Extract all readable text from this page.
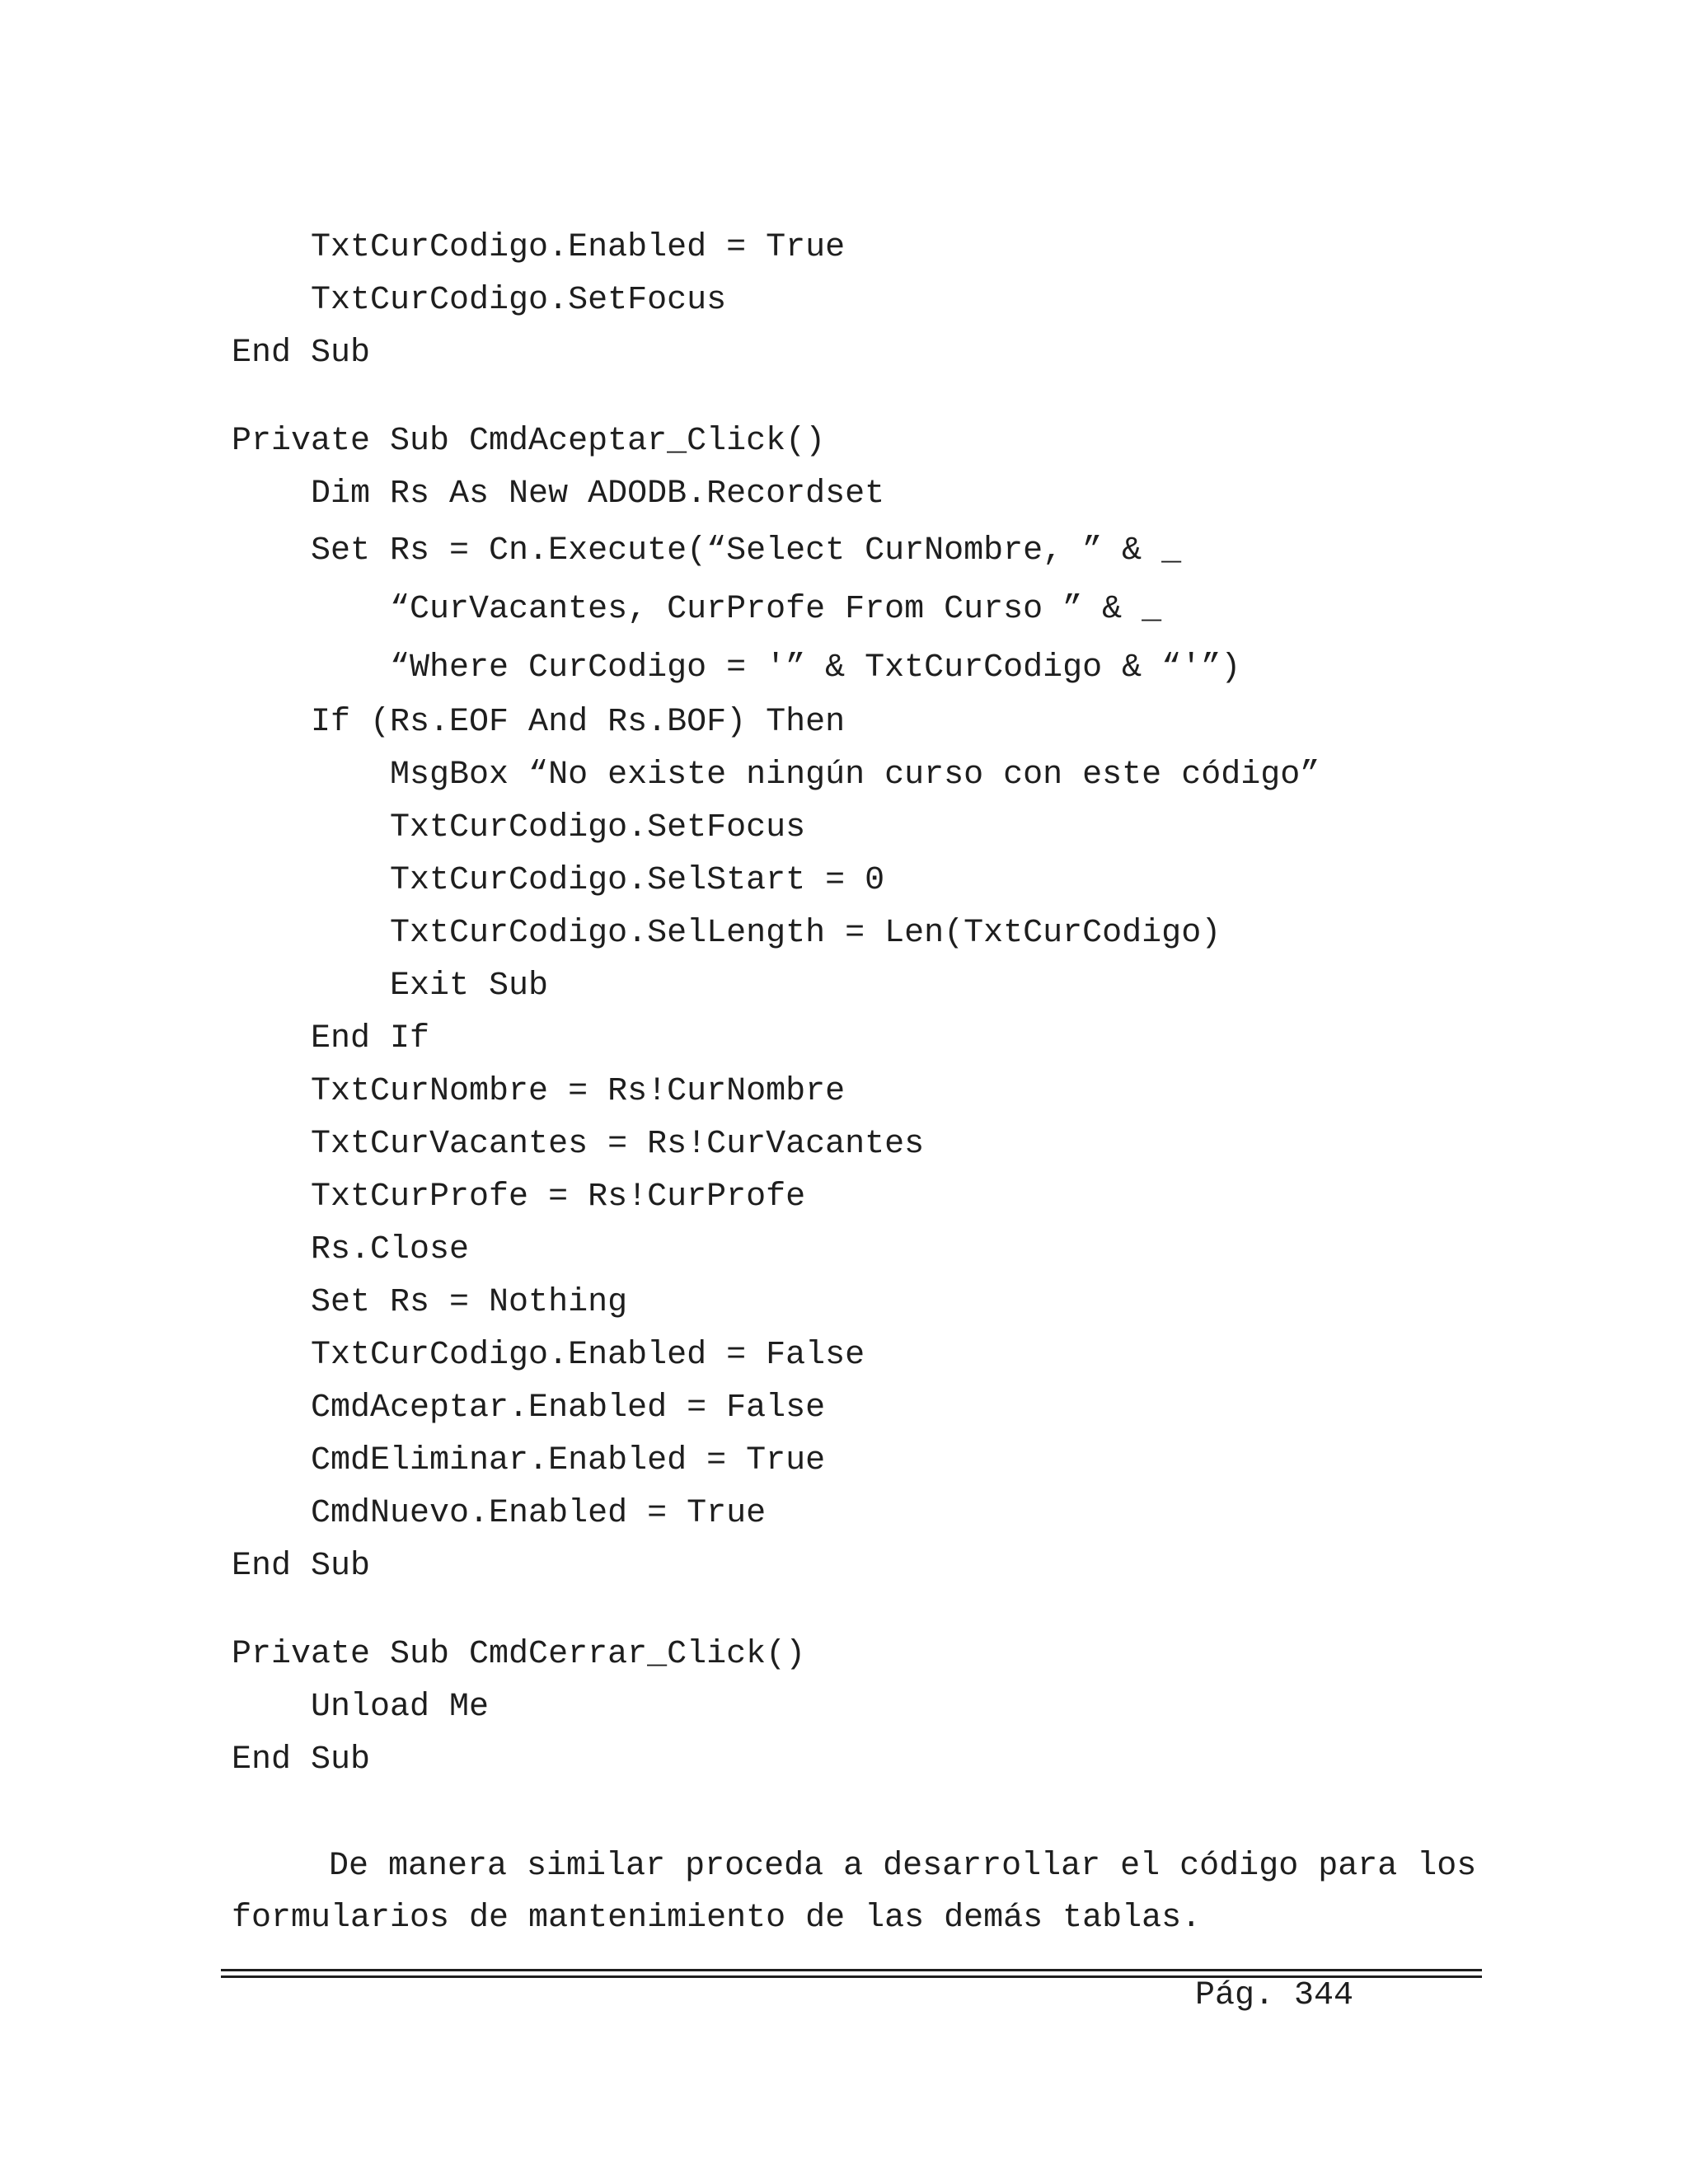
TxtCurCodigo.Enabled = True
TxtCurCodigo.SetFocus
End Sub
Private Sub CmdAceptar_Click()
Dim Rs As New ADODB.Recordset
Set Rs = Cn.Execute(“Select CurNombre, ” & _
“CurVacantes, CurProfe From Curso ” & _
“Where CurCodigo = '” & TxtCurCodigo & “'”)
If (Rs.EOF And Rs.BOF) Then
MsgBox “No existe ningún curso con este código”
TxtCurCodigo.SetFocus
TxtCurCodigo.SelStart = 0
TxtCurCodigo.SelLength = Len(TxtCurCodigo)
Exit Sub
End If
TxtCurNombre = Rs!CurNombre
TxtCurVacantes = Rs!CurVacantes
TxtCurProfe = Rs!CurProfe
Rs.Close
Set Rs = Nothing
TxtCurCodigo.Enabled = False
CmdAceptar.Enabled = False
CmdEliminar.Enabled = True
CmdNuevo.Enabled = True
End Sub
Private Sub CmdCerrar_Click()
Unload Me
End Sub
De manera similar proceda a desarrollar el código para los
formularios de mantenimiento de las demás tablas.
Pág. 344
